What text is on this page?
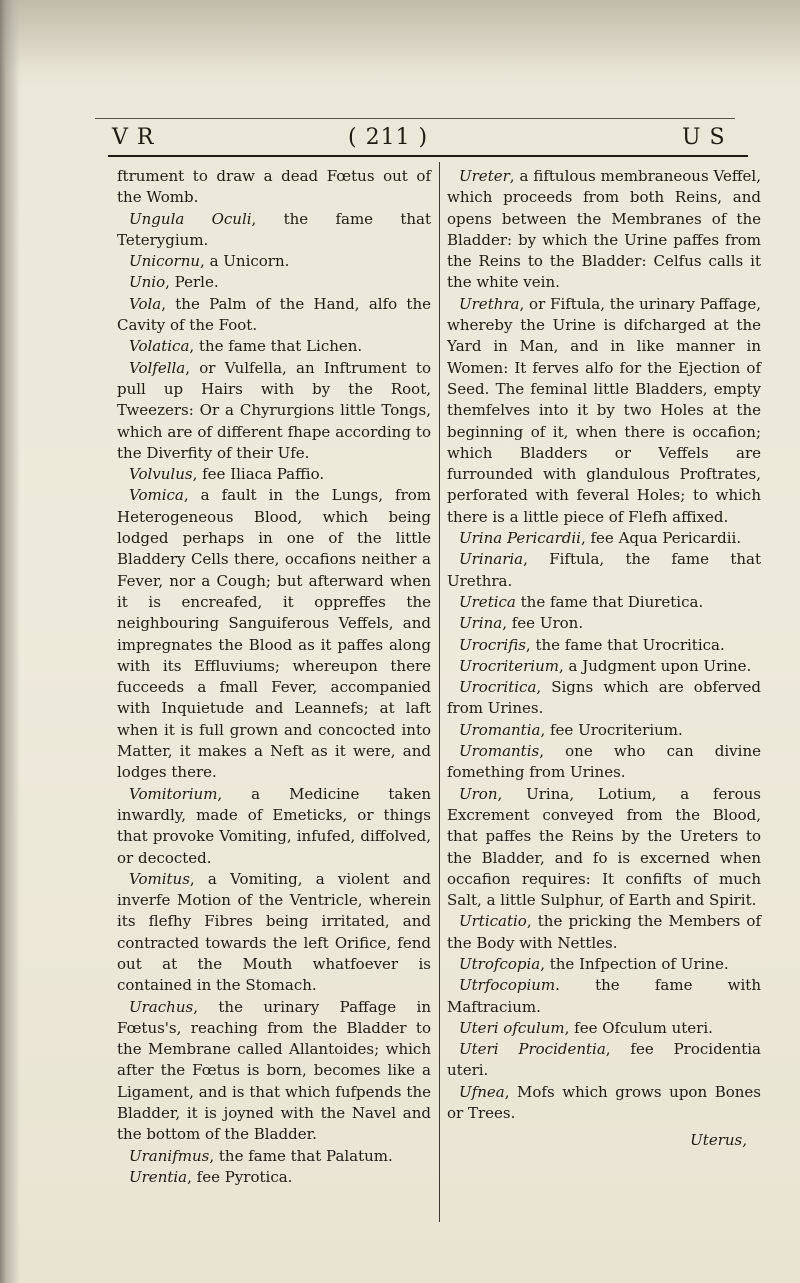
V R	( 211 )	U S

ftrument to draw a dead Fœtus out of the Womb.

Ungula Oculi, the fame that Teterygium.

Unicornu, a Unicorn.

Unio, Perle.

Vola, the Palm of the Hand, alfo the Cavity of the Foot.

Volatica, the fame that Lichen.

Volfella, or Vulfella, an Inftrument to pull up Hairs with by the Root, Tweezers: Or a Chyrurgions little Tongs, which are of different fhape according to the Diverfity of their Ufe.

Volvulus, fee Iliaca Paffio.

Vomica, a fault in the Lungs, from Heterogeneous Blood, which being lodged perhaps in one of the little Bladdery Cells there, occafions neither a Fever, nor a Cough; but afterward when it is encreafed, it oppreffes the neighbouring Sanguiferous Veffels, and impregnates the Blood as it paffes along with its Effluviums; whereupon there fucceeds a fmall Fever, accompanied with Inquietude and Leannefs; at laft when it is full grown and concocted into Matter, it makes a Neft as it were, and lodges there.

Vomitorium, a Medicine taken inwardly, made of Emeticks, or things that provoke Vomiting, infufed, diffolved, or decocted.

Vomitus, a Vomiting, a violent and inverfe Motion of the Ventricle, wherein its flefhy Fibres being irritated, and contracted towards the left Orifice, fend out at the Mouth whatfoever is contained in the Stomach.

Urachus, the urinary Paffage in Fœtus's, reaching from the Bladder to the Membrane called Allantoides; which after the Fœtus is born, becomes like a Ligament, and is that which fufpends the Bladder, it is joyned with the Navel and the bottom of the Bladder.

Uranifmus, the fame that Palatum.

Urentia, fee Pyrotica.

Ureter, a fiftulous membraneous Veffel, which proceeds from both Reins, and opens between the Membranes of the Bladder: by which the Urine paffes from the Reins to the Bladder: Celfus calls it the white vein.

Urethra, or Fiftula, the urinary Paffage, whereby the Urine is difcharged at the Yard in Man, and in like manner in Women: It ferves alfo for the Ejection of Seed. The feminal little Bladders, empty themfelves into it by two Holes at the beginning of it, when there is occafion; which Bladders or Veffels are furrounded with glandulous Proftrates, perforated with feveral Holes; to which there is a little piece of Flefh affixed.

Urina Pericardii, fee Aqua Pericardii.

Urinaria, Fiftula, the fame that Urethra.

Uretica the fame that Diuretica.

Urina, fee Uron.

Urocrifis, the fame that Urocritica.

Urocriterium, a Judgment upon Urine.

Urocritica, Signs which are obferved from Urines.

Uromantia, fee Urocriterium.

Uromantis, one who can divine fomething from Urines.

Uron, Urina, Lotium, a ferous Excrement conveyed from the Blood, that paffes the Reins by the Ureters to the Bladder, and fo is excerned when occafion requires: It confifts of much Salt, a little Sulphur, of Earth and Spirit.

Urticatio, the pricking the Members of the Body with Nettles.

Utrofcopia, the Infpection of Urine.

Utrfocopium. the fame with Maftracium.

Uteri ofculum, fee Ofculum uteri.

Uteri Procidentia, fee Procidentia uteri.

Ufnea, Mofs which grows upon Bones or Trees.

Uterus,
